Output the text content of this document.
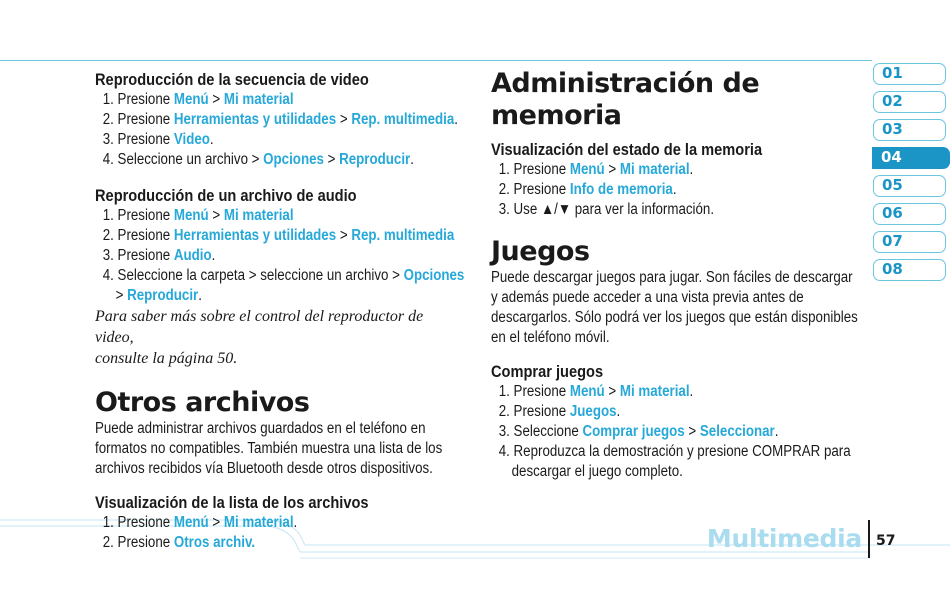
Reproducción de la secuencia de video
1. Presione Menú > Mi material
2. Presione Herramientas y utilidades > Rep. multimedia.
3. Presione Video.
4. Seleccione un archivo > Opciones > Reproducir.
Reproducción de un archivo de audio
1. Presione Menú > Mi material
2. Presione Herramientas y utilidades > Rep. multimedia
3. Presione Audio.
4. Seleccione la carpeta > seleccione un archivo > Opciones
> Reproducir.
Para saber más sobre el control del reproductor de video,
consulte la página 50.
Otros archivos
Puede administrar archivos guardados en el teléfono en
formatos no compatibles. También muestra una lista de los
archivos recibidos vía Bluetooth desde otros dispositivos.
Visualización de la lista de los archivos
1. Presione Menú > Mi material.
2. Presione Otros archiv.
Administración de memoria
Visualización del estado de la memoria
1. Presione Menú > Mi material.
2. Presione Info de memoria.
3. Use ▲/▼ para ver la información.
Juegos
Puede descargar juegos para jugar. Son fáciles de descargar
y además puede acceder a una vista previa antes de
descargarlos. Sólo podrá ver los juegos que están disponibles
en el teléfono móvil.
Comprar juegos
1. Presione Menú > Mi material.
2. Presione Juegos.
3. Seleccione Comprar juegos > Seleccionar.
4. Reproduzca la demostración y presione COMPRAR para
descargar el juego completo.
01
02
03
04
05
06
07
08
Multimedia 57
